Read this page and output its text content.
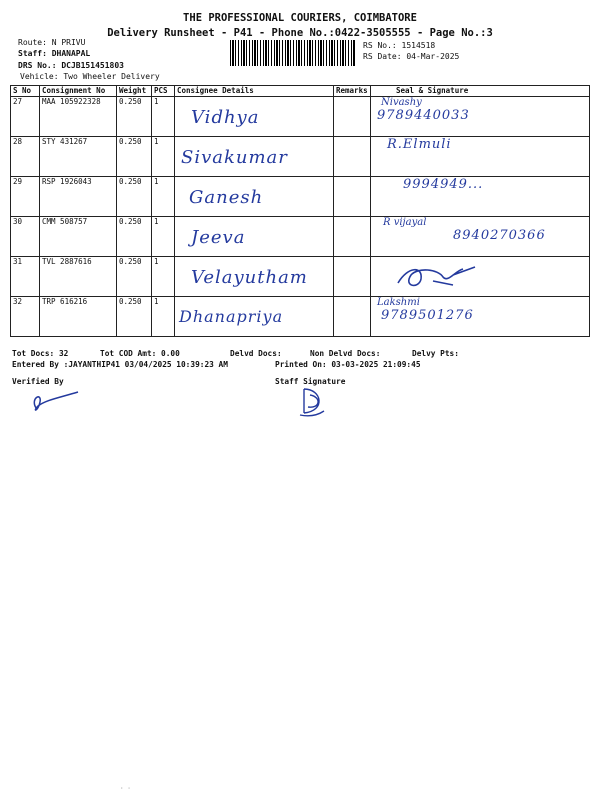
THE PROFESSIONAL COURIERS, COIMBATORE
Delivery Runsheet - P41 - Phone No.:0422-3505555 - Page No.:3
Route: N PRIVU
Staff: DHANAPAL
DRS No.: DCJB151451803
Vehicle: Two Wheeler Delivery
RS No.: 1514518
RS Date: 04-Mar-2025
S No	Consignment No	Weight	PCS	Consignee Details	Remarks	Seal & Signature
27	MAA 105922328	0.250	1	Vidhya		Nivashy
9789440033

28	STY 431267	0.250	1	Sivakumar		R.Elmuli

29	RSP 1926043	0.250	1	Ganesh		9994949...

30	CMM 508757	0.250	1	Jeeva		R vijayal
8940270366

31	TVL 2887616	0.250	1	Velayutham

32	TRP 616216	0.250	1	Dhanapriya		Lakshmi
9789501276
Tot Docs: 32	Tot COD Amt: 0.00	Delvd Docs:	Non Delvd Docs:	Delvy Pts:
Entered By :JAYANTHIP41 03/04/2025 10:39:23 AM	Printed On: 03-03-2025 21:09:45
Verified By	Staff Signature
· ·
